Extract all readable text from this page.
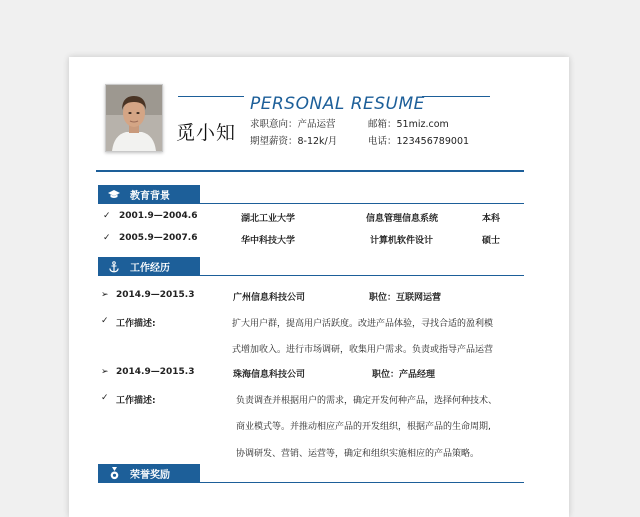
PERSONAL RESUME
觅小知 求职意向：产品运营
期望薪资：8-12k/月
邮箱：51miz.com
电话：123456789001
教育背景
✓ 2001.9—2004.6	湖北工业大学	信息管理信息系统	本科
✓ 2005.9—2007.6	华中科技大学	计算机软件设计	硕士
工作经历
➢ 2014.9—2015.3	广州信息科技公司	职位：互联网运营
✓ 工作描述:	扩大用户群，提高用户活跃度。改进产品体验，寻找合适的盈利模
式增加收入。进行市场调研，收集用户需求。负责或指导产品运营
➢ 2014.9—2015.3	珠海信息科技公司	职位：产品经理
✓ 工作描述:	负责调查并根据用户的需求，确定开发何种产品，选择何种技术、
商业模式等。并推动相应产品的开发组织，根据产品的生命周期,
协调研发、营销、运营等，确定和组织实施相应的产品策略。
荣誉奖励
